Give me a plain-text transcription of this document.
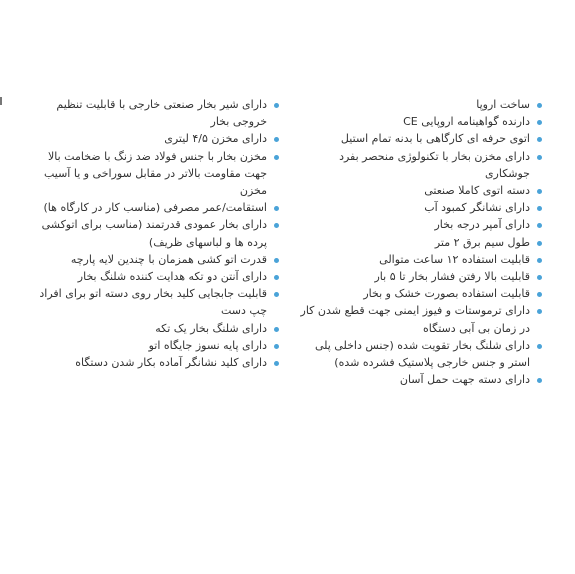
ساخت اروپا

دارنده گواهینامه اروپایی CE

اتوی حرفه ای کارگاهی با بدنه تمام استیل

دارای مخزن بخار با تکنولوژی منحصر بفرد جوشکاری

دسته اتوی کاملا صنعتی

دارای نشانگر کمبود آب

دارای آمپر درجه بخار

طول سیم برق ۲ متر

قابلیت استفاده ۱۲ ساعت متوالی

قابلیت بالا رفتن فشار بخار تا ۵ بار

قابلیت استفاده بصورت خشک و بخار

دارای ترموستات و فیوز ایمنی جهت قطع شدن کار در زمان بی آبی دستگاه

دارای شلنگ بخار تقویت شده (جنس داخلی پلی استر و جنس خارجی پلاستیک فشرده شده)

دارای دسته جهت حمل آسان

دارای شیر بخار صنعتی خارجی با قابلیت تنظیم خروجی بخار

دارای مخزن ۴/۵ لیتری

مخزن بخار با جنس فولاد ضد زنگ با ضخامت بالا جهت مقاومت بالاتر در مقابل سوراخی و یا آسیب مخزن

استقامت/عمر مصرفی (مناسب کار در کارگاه ها)

دارای بخار عمودی قدرتمند (مناسب برای اتوکشی پرده ها و لباسهای ظریف)

قدرت اتو کشی همزمان با چندین لایه پارچه

دارای آنتن دو تکه هدایت کننده شلنگ بخار

قابلیت جابجایی کلید بخار روی دسته اتو برای افراد چپ دست

دارای شلنگ بخار یک تکه

دارای پایه نسوز جایگاه اتو

دارای کلید نشانگر آماده بکار شدن دستگاه
